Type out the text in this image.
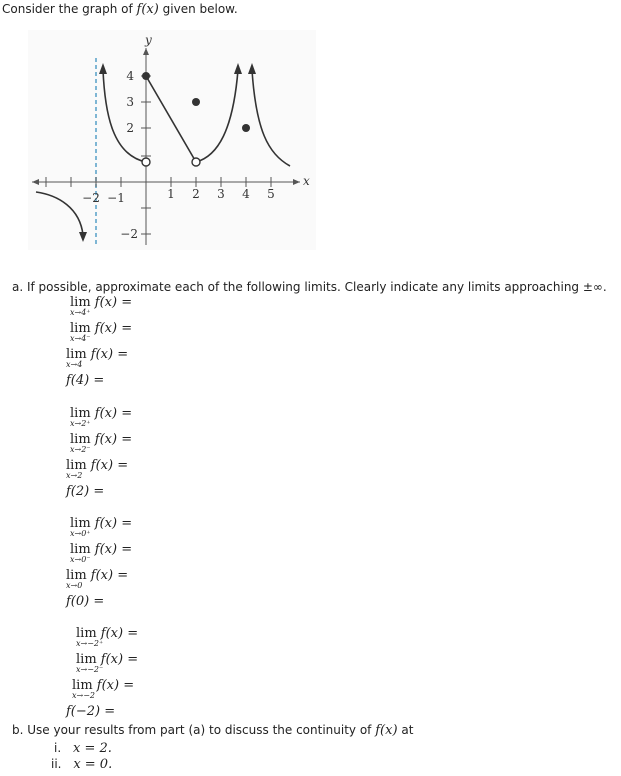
Consider the graph of f(x) given below.
y
x
−2 −1	1 2 3 4 5
4
3
2
−2
a. If possible, approximate each of the following limits. Clearly indicate any limits approaching ±∞.
lim
x→4⁺
f(x) =
lim
x→4⁻
f(x) =
lim
x→4
f(x) =
f(4) =
lim
x→2⁺
f(x) =
lim
x→2⁻
f(x) =
lim
x→2
f(x) =
f(2) =
lim
x→0⁺
f(x) =
lim
x→0⁻
f(x) =
lim
x→0
f(x) =
f(0) =
lim
x→−2⁺
f(x) =
lim
x→−2⁻
f(x) =
lim
x→−2
f(x) =
f(−2) =
b. Use your results from part (a) to discuss the continuity of f(x) at
i. x = 2.
ii. x = 0.
